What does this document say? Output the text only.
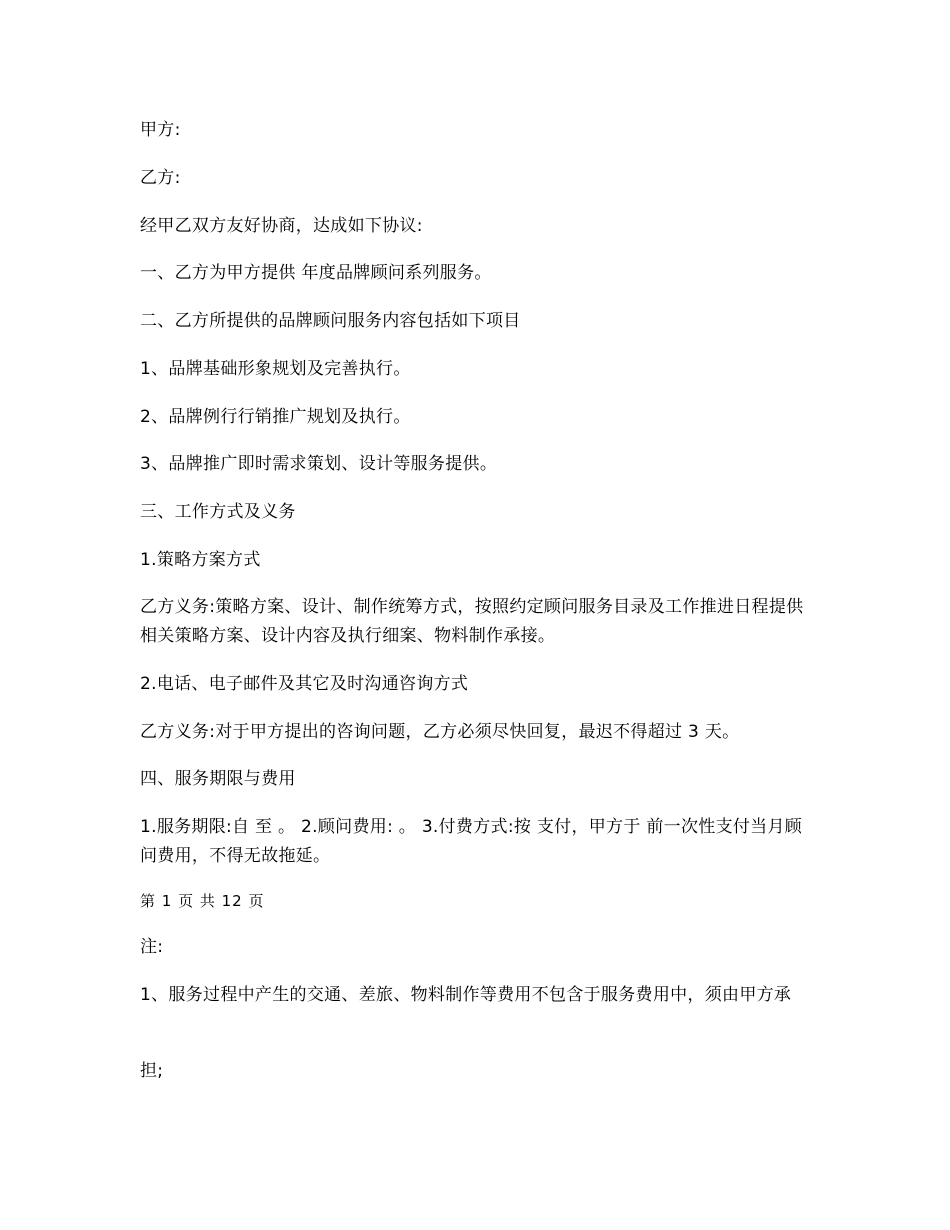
甲方:
乙方:
经甲乙双方友好协商，达成如下协议:
一、乙方为甲方提供 年度品牌顾问系列服务。
二、乙方所提供的品牌顾问服务内容包括如下项目
1、品牌基础形象规划及完善执行。
2、品牌例行行销推广规划及执行。
3、品牌推广即时需求策划、设计等服务提供。
三、工作方式及义务
1.策略方案方式
乙方义务:策略方案、设计、制作统筹方式，按照约定顾问服务目录及工作推进日程提供相关策略方案、设计内容及执行细案、物料制作承接。
2.电话、电子邮件及其它及时沟通咨询方式
乙方义务:对于甲方提出的咨询问题，乙方必须尽快回复，最迟不得超过 3 天。
四、服务期限与费用
1.服务期限:自 至 。 2.顾问费用: 。 3.付费方式:按 支付，甲方于 前一次性支付当月顾问费用，不得无故拖延。
第 1 页 共 12 页
注:
1、服务过程中产生的交通、差旅、物料制作等费用不包含于服务费用中，须由甲方承
担;
